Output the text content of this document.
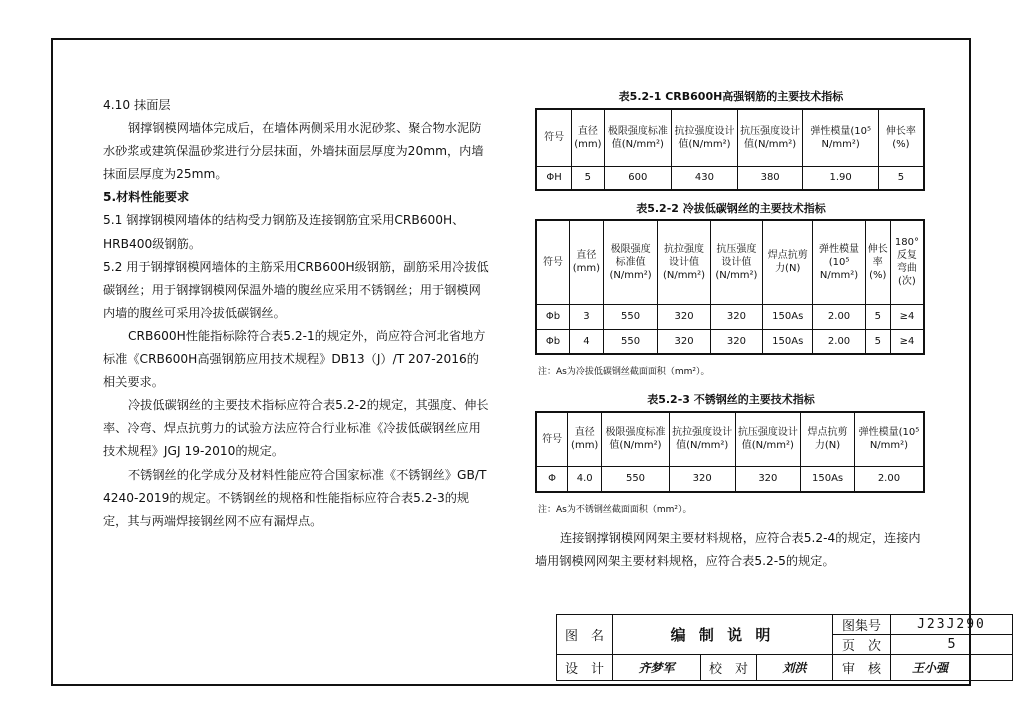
4.10 抹面层

钢撑钢模网墙体完成后，在墙体两侧采用水泥砂浆、聚合物水泥防水砂浆或建筑保温砂浆进行分层抹面，外墙抹面层厚度为20mm，内墙抹面层厚度为25mm。

5.材料性能要求

5.1 钢撑钢模网墙体的结构受力钢筋及连接钢筋宜采用CRB600H、HRB400级钢筋。

5.2 用于钢撑钢模网墙体的主筋采用CRB600H级钢筋，副筋采用冷拔低碳钢丝；用于钢撑钢模网保温外墙的腹丝应采用不锈钢丝；用于钢模网内墙的腹丝可采用冷拔低碳钢丝。

CRB600H性能指标除符合表5.2-1的规定外，尚应符合河北省地方标准《CRB600H高强钢筋应用技术规程》DB13（J）/T 207-2016的相关要求。

冷拔低碳钢丝的主要技术指标应符合表5.2-2的规定，其强度、伸长率、冷弯、焊点抗剪力的试验方法应符合行业标准《冷拔低碳钢丝应用技术规程》JGJ 19-2010的规定。

不锈钢丝的化学成分及材料性能应符合国家标准《不锈钢丝》GB/T 4240-2019的规定。不锈钢丝的规格和性能指标应符合表5.2-3的规定，其与两端焊接钢丝网不应有漏焊点。

表5.2-1 CRB600H高强钢筋的主要技术指标
符号	直径(mm)	极限强度标准值(N/mm²)	抗拉强度设计值(N/mm²)	抗压强度设计值(N/mm²)	弹性模量(10⁵ N/mm²)	伸长率(%)
ΦH	5	600	430	380	1.90	5
表5.2-2 冷拔低碳钢丝的主要技术指标
符号	直径(mm)	极限强度标准值(N/mm²)	抗拉强度设计值(N/mm²)	抗压强度设计值(N/mm²)	焊点抗剪力(N)	弹性模量(10⁵ N/mm²)	伸长率(%)	180°反复弯曲(次)
Φb	3	550	320	320	150As	2.00	5	≥4
Φb	4	550	320	320	150As	2.00	5	≥4
注：As为冷拔低碳钢丝截面面积（mm²）。
表5.2-3 不锈钢丝的主要技术指标
符号	直径(mm)	极限强度标准值(N/mm²)	抗拉强度设计值(N/mm²)	抗压强度设计值(N/mm²)	焊点抗剪力(N)	弹性模量(10⁵ N/mm²)
Φ	4.0	550	320	320	150As	2.00
注：As为不锈钢丝截面面积（mm²）。

连接钢撑钢模网网架主要材料规格，应符合表5.2-4的规定，连接内墙用钢模网网架主要材料规格，应符合表5.2-5的规定。

图　名	编 制 说 明			图集号	J23J290	
				页　次	5	
设　计	齐梦军	校　对	刘洪	审　核	王小强	
